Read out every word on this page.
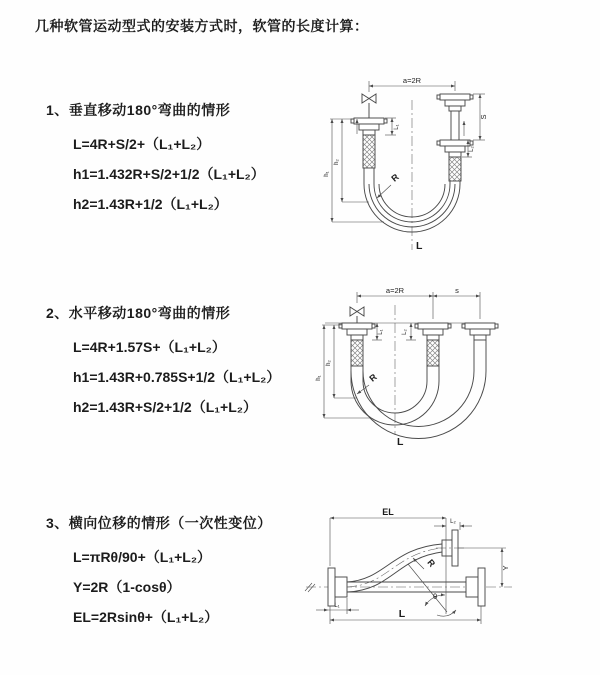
几种软管运动型式的安装方式时，软管的长度计算：
1、垂直移动180°弯曲的情形
L=4R+S/2+（L₁+L₂）
h1=1.432R+S/2+1/2（L₁+L₂）
h2=1.43R+1/2（L₁+L₂）
2、水平移动180°弯曲的情形
L=4R+1.57S+（L₁+L₂）
h1=1.43R+0.785S+1/2（L₁+L₂）
h2=1.43R+S/2+1/2（L₁+L₂）
3、横向位移的情形（一次性变位）
L=πRθ/90+（L₁+L₂）
Y=2R（1-cosθ）
EL=2Rsinθ+（L₁+L₂）
a=2R
L₁
h₂
h₁
S
L₂
R
L
a=2R	s
h₂
h₁
L₁	L₂
R
L
EL
L₂
Y
R
θ
L₁
L
